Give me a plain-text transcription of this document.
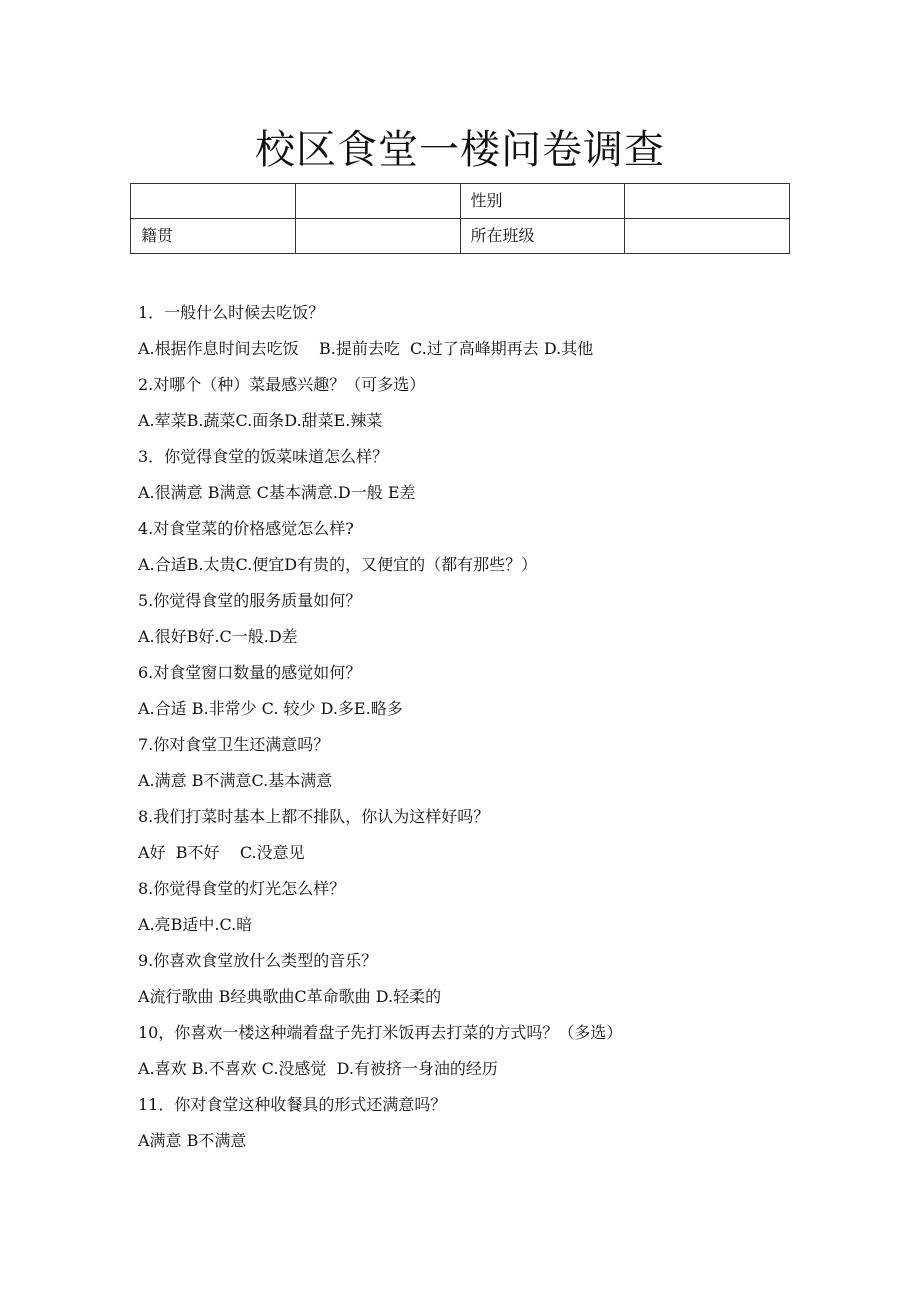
校区食堂一楼问卷调查
		性别	
籍贯		所在班级	
1．一般什么时候去吃饭？
A.根据作息时间去吃饭    B.提前去吃  C.过了高峰期再去 D.其他
2.对哪个（种）菜最感兴趣？（可多选）
A.荤菜B.蔬菜C.面条D.甜菜E.辣菜
3．你觉得食堂的饭菜味道怎么样？
A.很满意 B满意 C基本满意.D一般 E差
4.对食堂菜的价格感觉怎么样?
A.合适B.太贵C.便宜D有贵的，又便宜的（都有那些？）
5.你觉得食堂的服务质量如何？
A.很好B好.C一般.D差
6.对食堂窗口数量的感觉如何？
A.合适 B.非常少 C. 较少 D.多E.略多
7.你对食堂卫生还满意吗？
A.满意 B不满意C.基本满意
8.我们打菜时基本上都不排队，你认为这样好吗？
A好  B不好    C.没意见
8.你觉得食堂的灯光怎么样？
A.亮B适中.C.暗
9.你喜欢食堂放什么类型的音乐？
A流行歌曲 B经典歌曲C革命歌曲 D.轻柔的
10，你喜欢一楼这种端着盘子先打米饭再去打菜的方式吗？（多选）
A.喜欢 B.不喜欢 C.没感觉  D.有被挤一身油的经历
11．你对食堂这种收餐具的形式还满意吗？
A满意 B不满意
